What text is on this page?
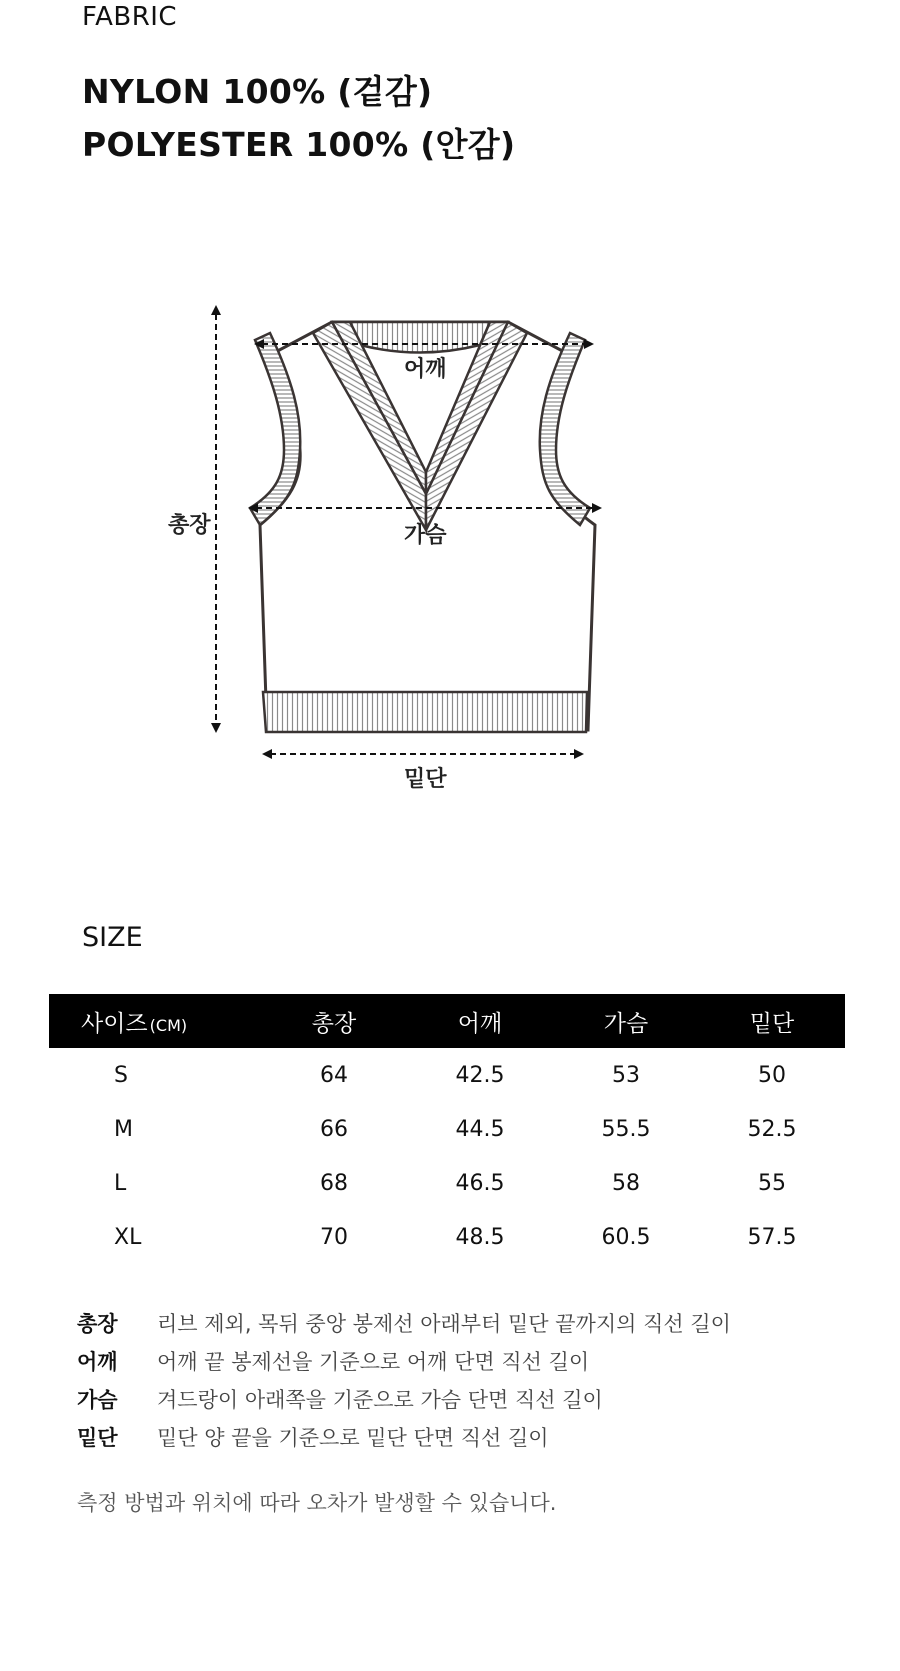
FABRIC
NYLON 100% (겉감)
POLYESTER 100% (안감)
어깨
가슴
총장
밑단
SIZE
사이즈 (CM)	총장	어깨	가슴	밑단
S	64	42.5	53	50
M	66	44.5	55.5	52.5
L	68	46.5	58	55
XL	70	48.5	60.5	57.5
총장 리브 제외, 목뒤 중앙 봉제선 아래부터 밑단 끝까지의 직선 길이
어깨 어깨 끝 봉제선을 기준으로 어깨 단면 직선 길이
가슴 겨드랑이 아래쪽을 기준으로 가슴 단면 직선 길이
밑단 밑단 양 끝을 기준으로 밑단 단면 직선 길이
측정 방법과 위치에 따라 오차가 발생할 수 있습니다.
